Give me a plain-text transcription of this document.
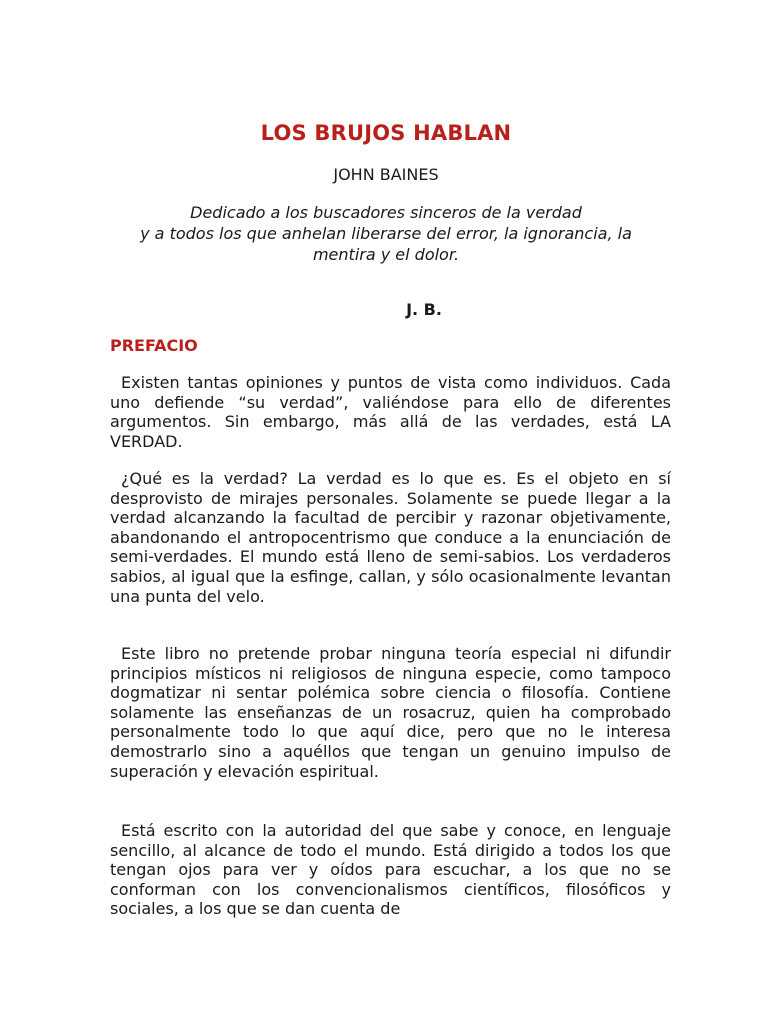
LOS BRUJOS HABLAN
JOHN BAINES
Dedicado a los buscadores sinceros de la verdad
y a todos los que anhelan liberarse del error, la ignorancia, la
mentira y el dolor.
J. B.
PREFACIO

Existen tantas opiniones y puntos de vista como individuos. Cada uno defiende “su verdad”, valiéndose para ello de diferentes argumentos. Sin embargo, más allá de las verdades, está LA VERDAD.

¿Qué es la verdad? La verdad es lo que es. Es el objeto en sí desprovisto de mirajes personales. Solamente se puede llegar a la verdad alcanzando la facultad de percibir y razonar objetivamente, abandonando el antropocentrismo que conduce a la enunciación de semi-verdades. El mundo está lleno de semi-sabios. Los verdaderos sabios, al igual que la esfinge, callan, y sólo ocasionalmente levantan una punta del velo.

Este libro no pretende probar ninguna teoría especial ni difundir principios místicos ni religiosos de ninguna especie, como tampoco dogmatizar ni sentar polémica sobre ciencia o filosofía. Contiene solamente las enseñanzas de un rosacruz, quien ha comprobado personalmente todo lo que aquí dice, pero que no le interesa demostrarlo sino a aquéllos que tengan un genuino impulso de superación y elevación espiritual.

Está escrito con la autoridad del que sabe y conoce, en lenguaje sencillo, al alcance de todo el mundo. Está dirigido a todos los que tengan ojos para ver y oídos para escuchar, a los que no se conforman con los convencionalismos científicos, filosóficos y sociales, a los que se dan cuenta de
